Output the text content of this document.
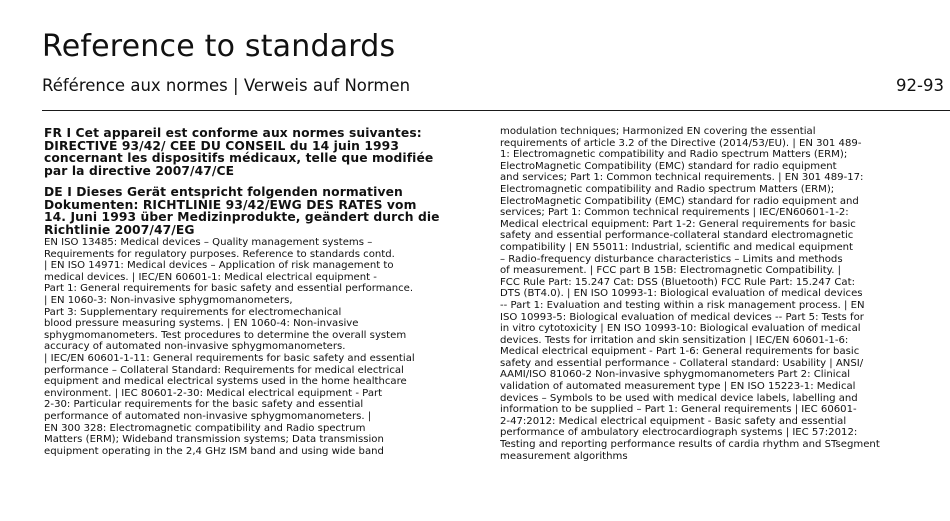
Reference to standards
Référence aux normes | Verweis auf Normen	92-93
FR I Cet appareil est conforme aux normes suivantes:
DIRECTIVE 93/42/ CEE DU CONSEIL du 14 juin 1993
concernant les dispositifs médicaux, telle que modifiée
par la directive 2007/47/CE
DE I Dieses Gerät entspricht folgenden normativen
Dokumenten: RICHTLINIE 93/42/EWG DES RATES vom
14. Juni 1993 über Medizinprodukte, geändert durch die
Richtlinie 2007/47/EG
EN ISO 13485: Medical devices – Quality management systems –
Requirements for regulatory purposes. Reference to standards contd.
| EN ISO 14971: Medical devices – Application of risk management to
medical devices. | IEC/EN 60601-1: Medical electrical equipment -
Part 1: General requirements for basic safety and essential performance.
| EN 1060-3: Non-invasive sphygmomanometers,
Part 3: Supplementary requirements for electromechanical
blood pressure measuring systems. | EN 1060-4: Non-invasive
sphygmomanometers. Test procedures to determine the overall system
accuracy of automated non-invasive sphygmomanometers.
| IEC/EN 60601-1-11: General requirements for basic safety and essential
performance – Collateral Standard: Requirements for medical electrical
equipment and medical electrical systems used in the home healthcare
environment. | IEC 80601-2-30: Medical electrical equipment - Part
2-30: Particular requirements for the basic safety and essential
performance of automated non-invasive sphygmomanometers. |
EN 300 328: Electromagnetic compatibility and Radio spectrum
Matters (ERM); Wideband transmission systems; Data transmission
equipment operating in the 2,4 GHz ISM band and using wide band
modulation techniques; Harmonized EN covering the essential
requirements of article 3.2 of the Directive (2014/53/EU). | EN 301 489-
1: Electromagnetic compatibility and Radio spectrum Matters (ERM);
ElectroMagnetic Compatibility (EMC) standard for radio equipment
and services; Part 1: Common technical requirements. | EN 301 489-17:
Electromagnetic compatibility and Radio spectrum Matters (ERM);
ElectroMagnetic Compatibility (EMC) standard for radio equipment and
services; Part 1: Common technical requirements | IEC/EN60601-1-2:
Medical electrical equipment: Part 1-2: General requirements for basic
safety and essential performance-collateral standard electromagnetic
compatibility | EN 55011: Industrial, scientific and medical equipment
– Radio-frequency disturbance characteristics – Limits and methods
of measurement. | FCC part B 15B: Electromagnetic Compatibility. |
FCC Rule Part: 15.247 Cat: DSS (Bluetooth) FCC Rule Part: 15.247 Cat:
DTS (BT4.0). | EN ISO 10993-1: Biological evaluation of medical devices
-- Part 1: Evaluation and testing within a risk management process. | EN
ISO 10993-5: Biological evaluation of medical devices -- Part 5: Tests for
in vitro cytotoxicity | EN ISO 10993-10: Biological evaluation of medical
devices. Tests for irritation and skin sensitization | IEC/EN 60601-1-6:
Medical electrical equipment - Part 1-6: General requirements for basic
safety and essential performance - Collateral standard: Usability | ANSI/
AAMI/ISO 81060-2 Non-invasive sphygmomanometers Part 2: Clinical
validation of automated measurement type | EN ISO 15223-1: Medical
devices – Symbols to be used with medical device labels, labelling and
information to be supplied – Part 1: General requirements | IEC 60601-
2-47:2012: Medical electrical equipment - Basic safety and essential
performance of ambulatory electrocardiograph systems | IEC 57:2012:
Testing and reporting performance results of cardia rhythm and STsegment
measurement algorithms
